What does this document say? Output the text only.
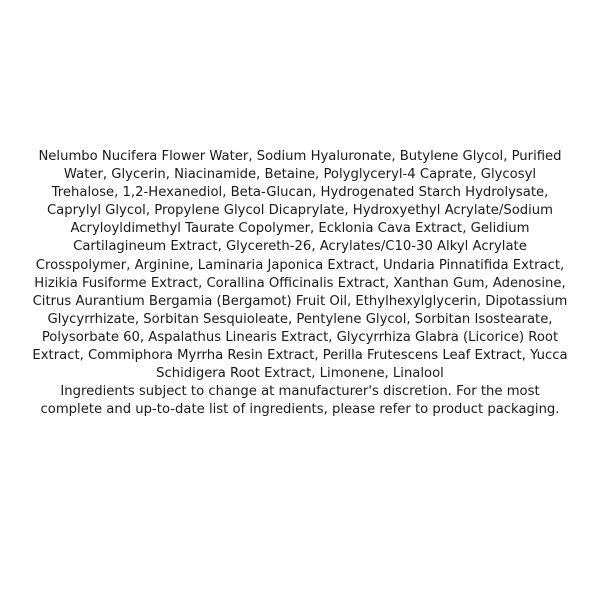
Nelumbo Nucifera Flower Water, Sodium Hyaluronate, Butylene Glycol, Purified Water, Glycerin, Niacinamide, Betaine, Polyglyceryl-4 Caprate, Glycosyl Trehalose, 1,2-Hexanediol, Beta-Glucan, Hydrogenated Starch Hydrolysate, Caprylyl Glycol, Propylene Glycol Dicaprylate, Hydroxyethyl Acrylate/Sodium Acryloyldimethyl Taurate Copolymer, Ecklonia Cava Extract, Gelidium Cartilagineum Extract, Glycereth-26, Acrylates/C10-30 Alkyl Acrylate Crosspolymer, Arginine, Laminaria Japonica Extract, Undaria Pinnatifida Extract, Hizikia Fusiforme Extract, Corallina Officinalis Extract, Xanthan Gum, Adenosine, Citrus Aurantium Bergamia (Bergamot) Fruit Oil, Ethylhexylglycerin, Dipotassium Glycyrrhizate, Sorbitan Sesquioleate, Pentylene Glycol, Sorbitan Isostearate, Polysorbate 60, Aspalathus Linearis Extract, Glycyrrhiza Glabra (Licorice) Root Extract, Commiphora Myrrha Resin Extract, Perilla Frutescens Leaf Extract, Yucca Schidigera Root Extract, Limonene, Linalool

Ingredients subject to change at manufacturer's discretion. For the most complete and up-to-date list of ingredients, please refer to product packaging.
